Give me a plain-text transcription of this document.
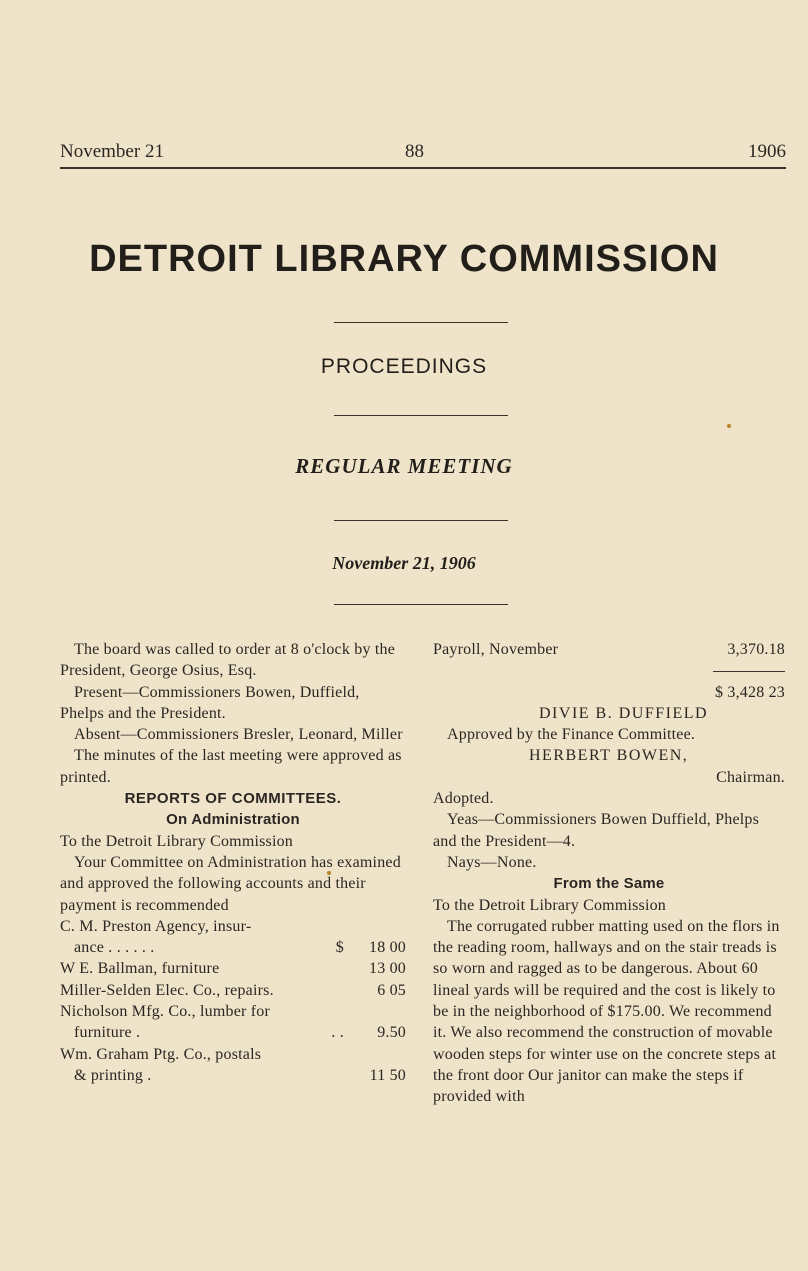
November 21	88	1906
DETROIT LIBRARY COMMISSION
PROCEEDINGS
REGULAR MEETING
November 21, 1906

The board was called to order at 8 o'clock by the President, George Osius, Esq.

Present—Commissioners Bowen, Duffield, Phelps and the President.

Absent—Commissioners Bresler, Leonard, Miller

The minutes of the last meeting were approved as printed.

REPORTS OF COMMITTEES.

On Administration

To the Detroit Library Commission

Your Committee on Administration has examined and approved the following accounts and their payment is recommended

C. M. Preston Agency, insur-
ance . . . . . .	$ 18 00
W E. Ballman, furniture	13 00
Miller-Selden Elec. Co., repairs.	6 05
Nicholson Mfg. Co., lumber for
furniture .	. . 9.50
Wm. Graham Ptg. Co., postals
& printing .	11 50
Payroll, November	3,370.18

$ 3,428 23

DIVIE B. DUFFIELD

Approved by the Finance Committee.

HERBERT BOWEN,

Chairman.

Adopted.

Yeas—Commissioners Bowen Duffield, Phelps and the President—4.

Nays—None.

From the Same

To the Detroit Library Commission

The corrugated rubber matting used on the flors in the reading room, hallways and on the stair treads is so worn and ragged as to be dangerous. About 60 lineal yards will be required and the cost is likely to be in the neighborhood of $175.00. We recommend it. We also recommend the construction of movable wooden steps for winter use on the concrete steps at the front door Our janitor can make the steps if provided with
